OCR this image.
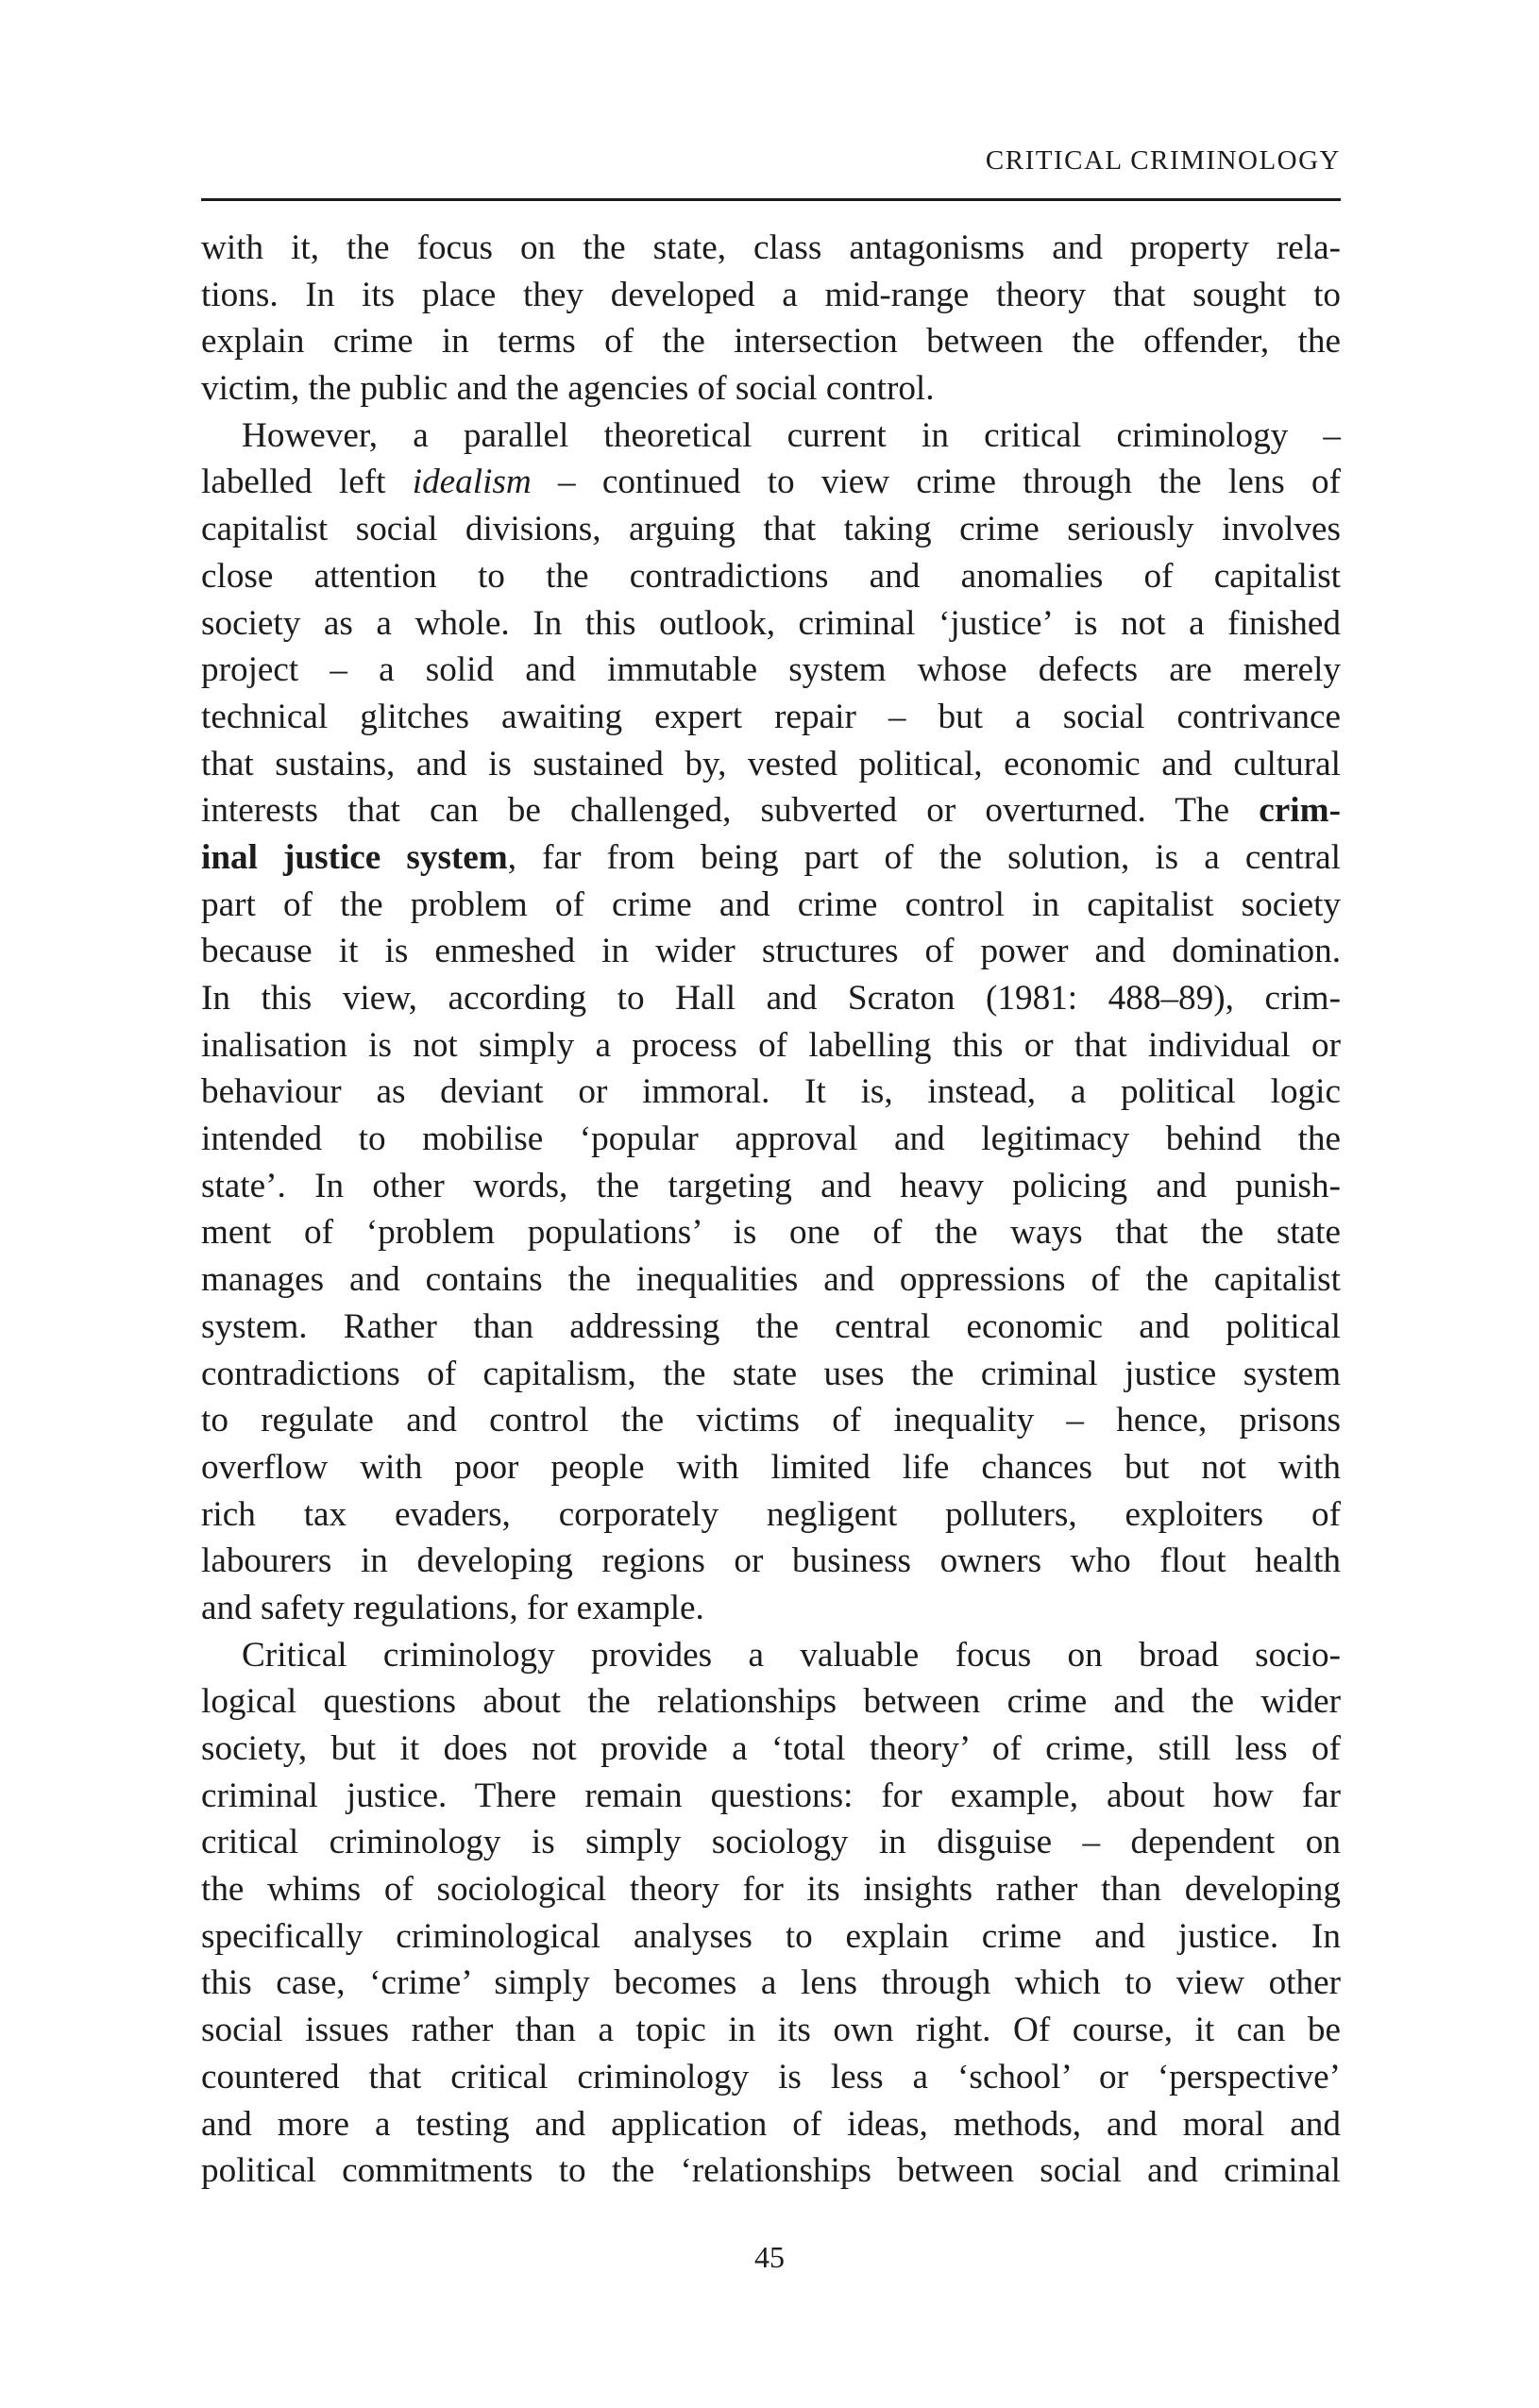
CRITICAL CRIMINOLOGY
with it, the focus on the state, class antagonisms and property rela-
tions. In its place they developed a mid-range theory that sought to
explain crime in terms of the intersection between the offender, the
victim, the public and the agencies of social control.
However, a parallel theoretical current in critical criminology –
labelled left idealism – continued to view crime through the lens of
capitalist social divisions, arguing that taking crime seriously involves
close attention to the contradictions and anomalies of capitalist
society as a whole. In this outlook, criminal ‘justice’ is not a finished
project – a solid and immutable system whose defects are merely
technical glitches awaiting expert repair – but a social contrivance
that sustains, and is sustained by, vested political, economic and cultural
interests that can be challenged, subverted or overturned. The crim-
inal justice system, far from being part of the solution, is a central
part of the problem of crime and crime control in capitalist society
because it is enmeshed in wider structures of power and domination.
In this view, according to Hall and Scraton (1981: 488–89), crim-
inalisation is not simply a process of labelling this or that individual or
behaviour as deviant or immoral. It is, instead, a political logic
intended to mobilise ‘popular approval and legitimacy behind the
state’. In other words, the targeting and heavy policing and punish-
ment of ‘problem populations’ is one of the ways that the state
manages and contains the inequalities and oppressions of the capitalist
system. Rather than addressing the central economic and political
contradictions of capitalism, the state uses the criminal justice system
to regulate and control the victims of inequality – hence, prisons
overflow with poor people with limited life chances but not with
rich tax evaders, corporately negligent polluters, exploiters of
labourers in developing regions or business owners who flout health
and safety regulations, for example.
Critical criminology provides a valuable focus on broad socio-
logical questions about the relationships between crime and the wider
society, but it does not provide a ‘total theory’ of crime, still less of
criminal justice. There remain questions: for example, about how far
critical criminology is simply sociology in disguise – dependent on
the whims of sociological theory for its insights rather than developing
specifically criminological analyses to explain crime and justice. In
this case, ‘crime’ simply becomes a lens through which to view other
social issues rather than a topic in its own right. Of course, it can be
countered that critical criminology is less a ‘school’ or ‘perspective’
and more a testing and application of ideas, methods, and moral and
political commitments to the ‘relationships between social and criminal
45
